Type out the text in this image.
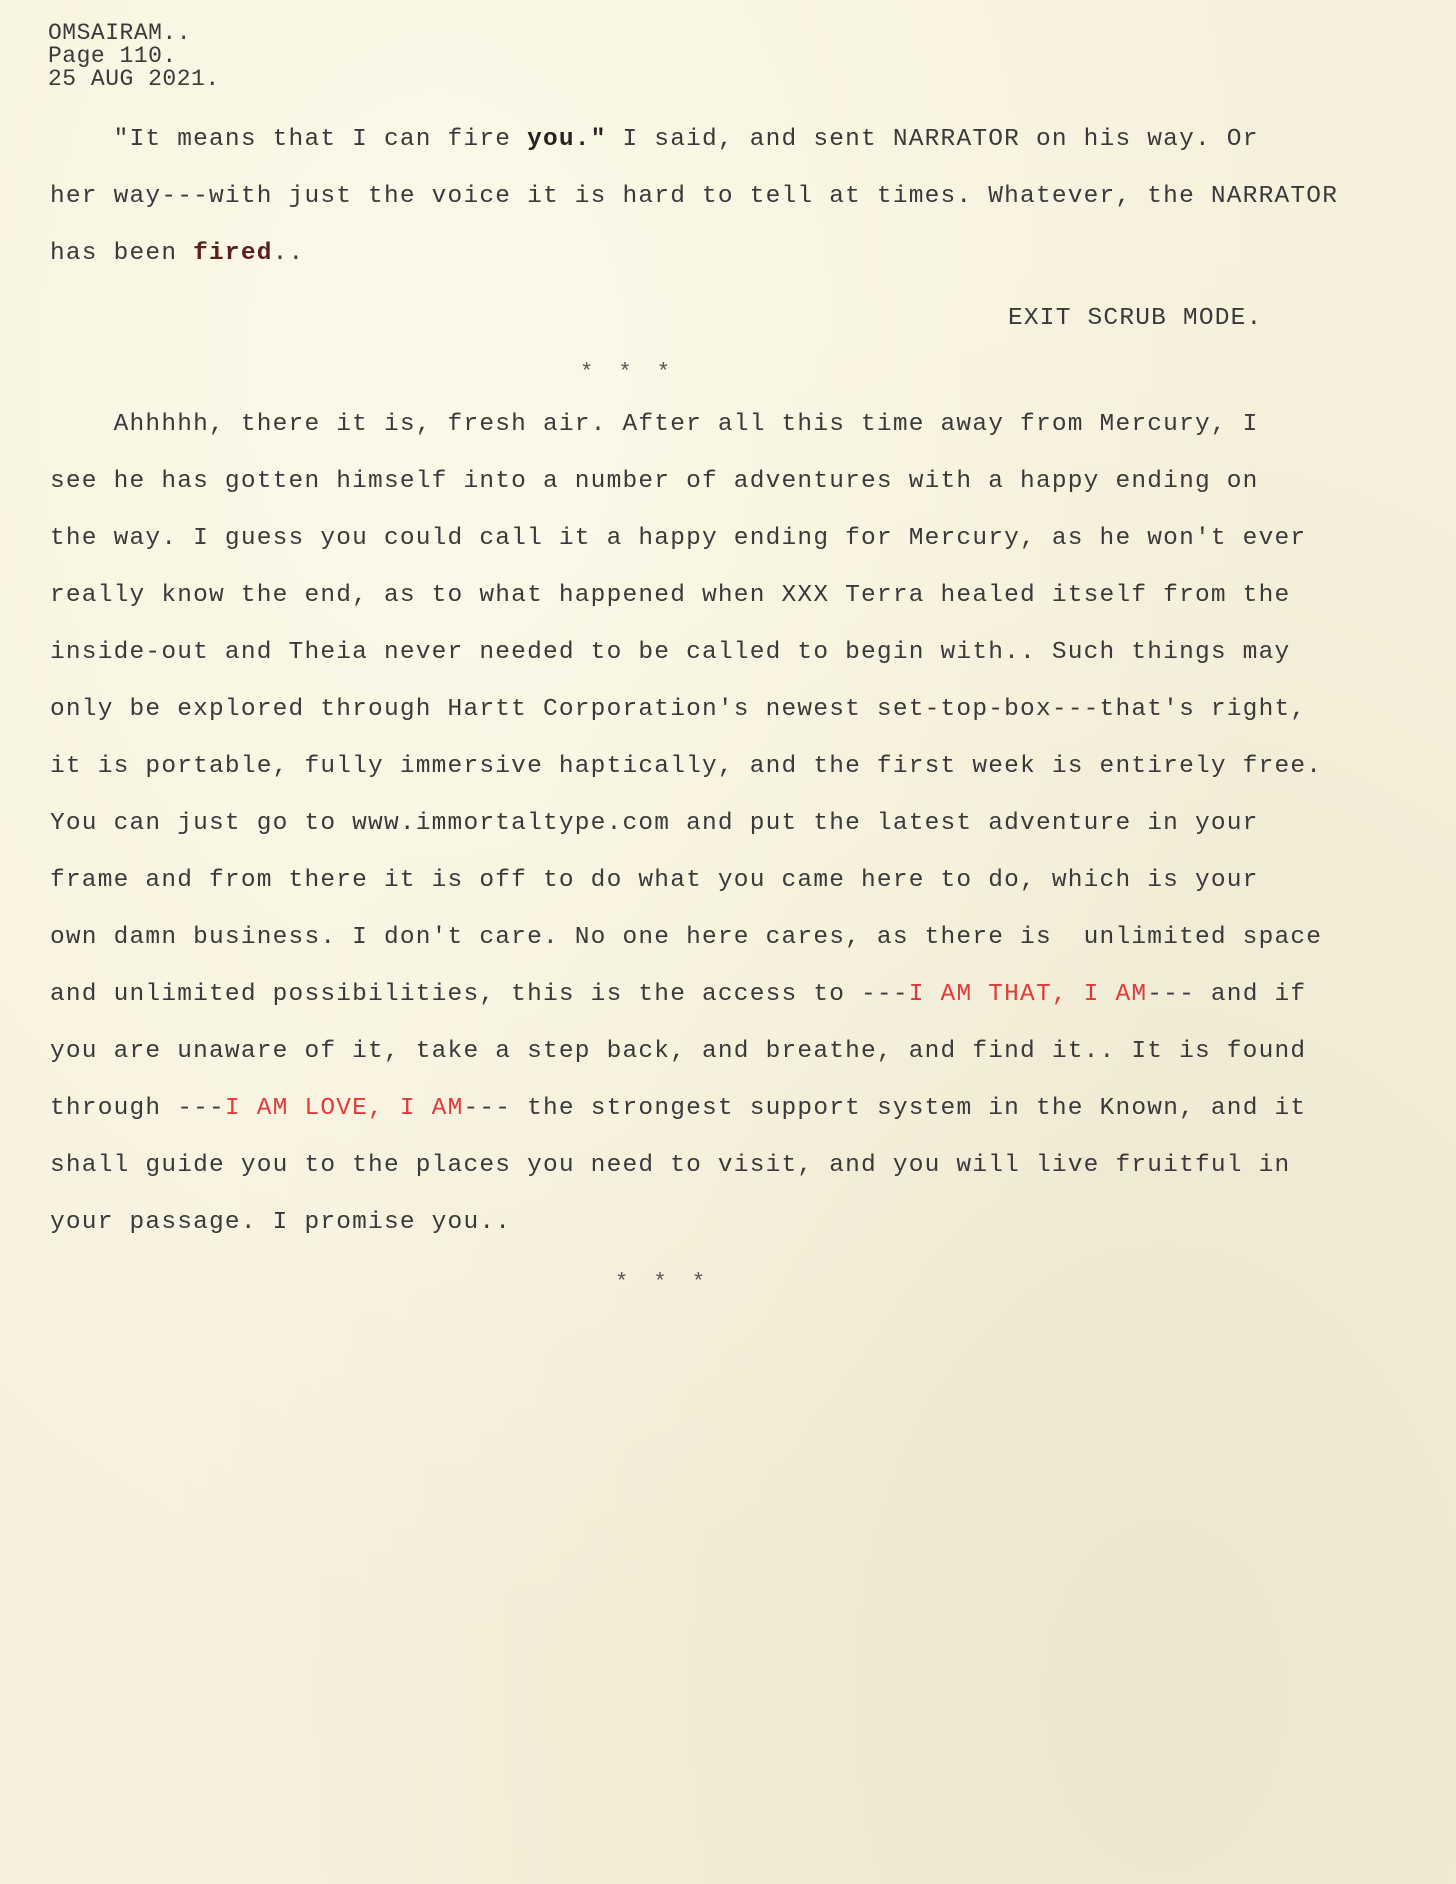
OMSAIRAM..
Page 110.
25 AUG 2021.
"It means that I can fire you." I said, and sent NARRATOR on his way. Or
her way---with just the voice it is hard to tell at times. Whatever, the NARRATOR
has been fired..
EXIT SCRUB MODE.
* * *
Ahhhhh, there it is, fresh air. After all this time away from Mercury, I
see he has gotten himself into a number of adventures with a happy ending on
the way. I guess you could call it a happy ending for Mercury, as he won't ever
really know the end, as to what happened when XXX Terra healed itself from the
inside-out and Theia never needed to be called to begin with.. Such things may
only be explored through Hartt Corporation's newest set-top-box---that's right,
it is portable, fully immersive haptically, and the first week is entirely free.
You can just go to www.immortaltype.com and put the latest adventure in your
frame and from there it is off to do what you came here to do, which is your
own damn business. I don't care. No one here cares, as there is  unlimited space
and unlimited possibilities, this is the access to ---I AM THAT, I AM--- and if
you are unaware of it, take a step back, and breathe, and find it.. It is found
through ---I AM LOVE, I AM--- the strongest support system in the Known, and it
shall guide you to the places you need to visit, and you will live fruitful in
your passage. I promise you..
* * *
